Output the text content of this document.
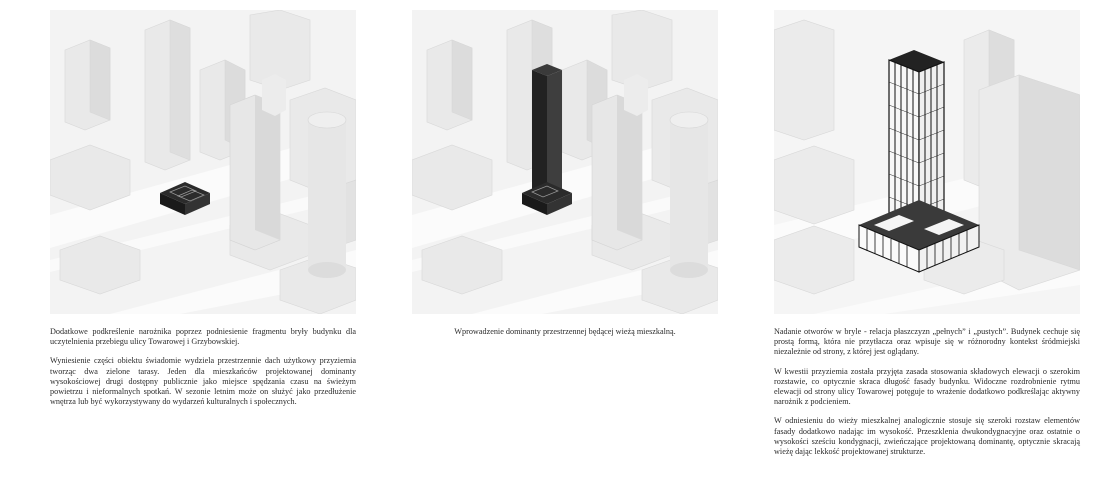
Dodatkowe podkreślenie narożnika poprzez podniesienie fragmentu bryły budynku dla uczytelnienia przebiegu ulicy Towarowej i Grzybowskiej.

Wyniesienie części obiektu świadomie wydziela przestrzennie dach użytkowy przyziemia tworząc dwa zielone tarasy. Jeden dla mieszkańców projektowanej dominanty wysokościowej drugi dostępny publicznie jako miejsce spędzania czasu na świeżym powietrzu i nieformalnych spotkań. W sezonie letnim może on służyć jako przedłużenie wnętrza lub być wykorzystywany do wydarzeń kulturalnych i społecznych.

Wprowadzenie dominanty przestrzennej będącej wieżą mieszkalną.	Nadanie otworów w bryle - relacja płaszczyzn „pełnych” i „pustych”. Budynek cechuje się prostą formą, która nie przytłacza oraz wpisuje się w różnorodny kontekst śródmiejski niezależnie od strony, z której jest oglądany.

W kwestii przyziemia została przyjęta zasada stosowania składowych elewacji o szerokim rozstawie, co optycznie skraca długość fasady budynku. Widoczne rozdrobnienie rytmu elewacji od strony ulicy Towarowej potęguje to wrażenie dodatkowo podkreślając aktywny narożnik z podcieniem.

W odniesieniu do wieży mieszkalnej analogicznie stosuje się szeroki rozstaw elementów fasady dodatkowo nadając im wysokość. Przeszklenia dwukondygnacyjne oraz ostatnie o wysokości sześciu kondygnacji, zwieńczające projektowaną dominantę, optycznie skracają wieżę dając lekkość projektowanej strukturze.
